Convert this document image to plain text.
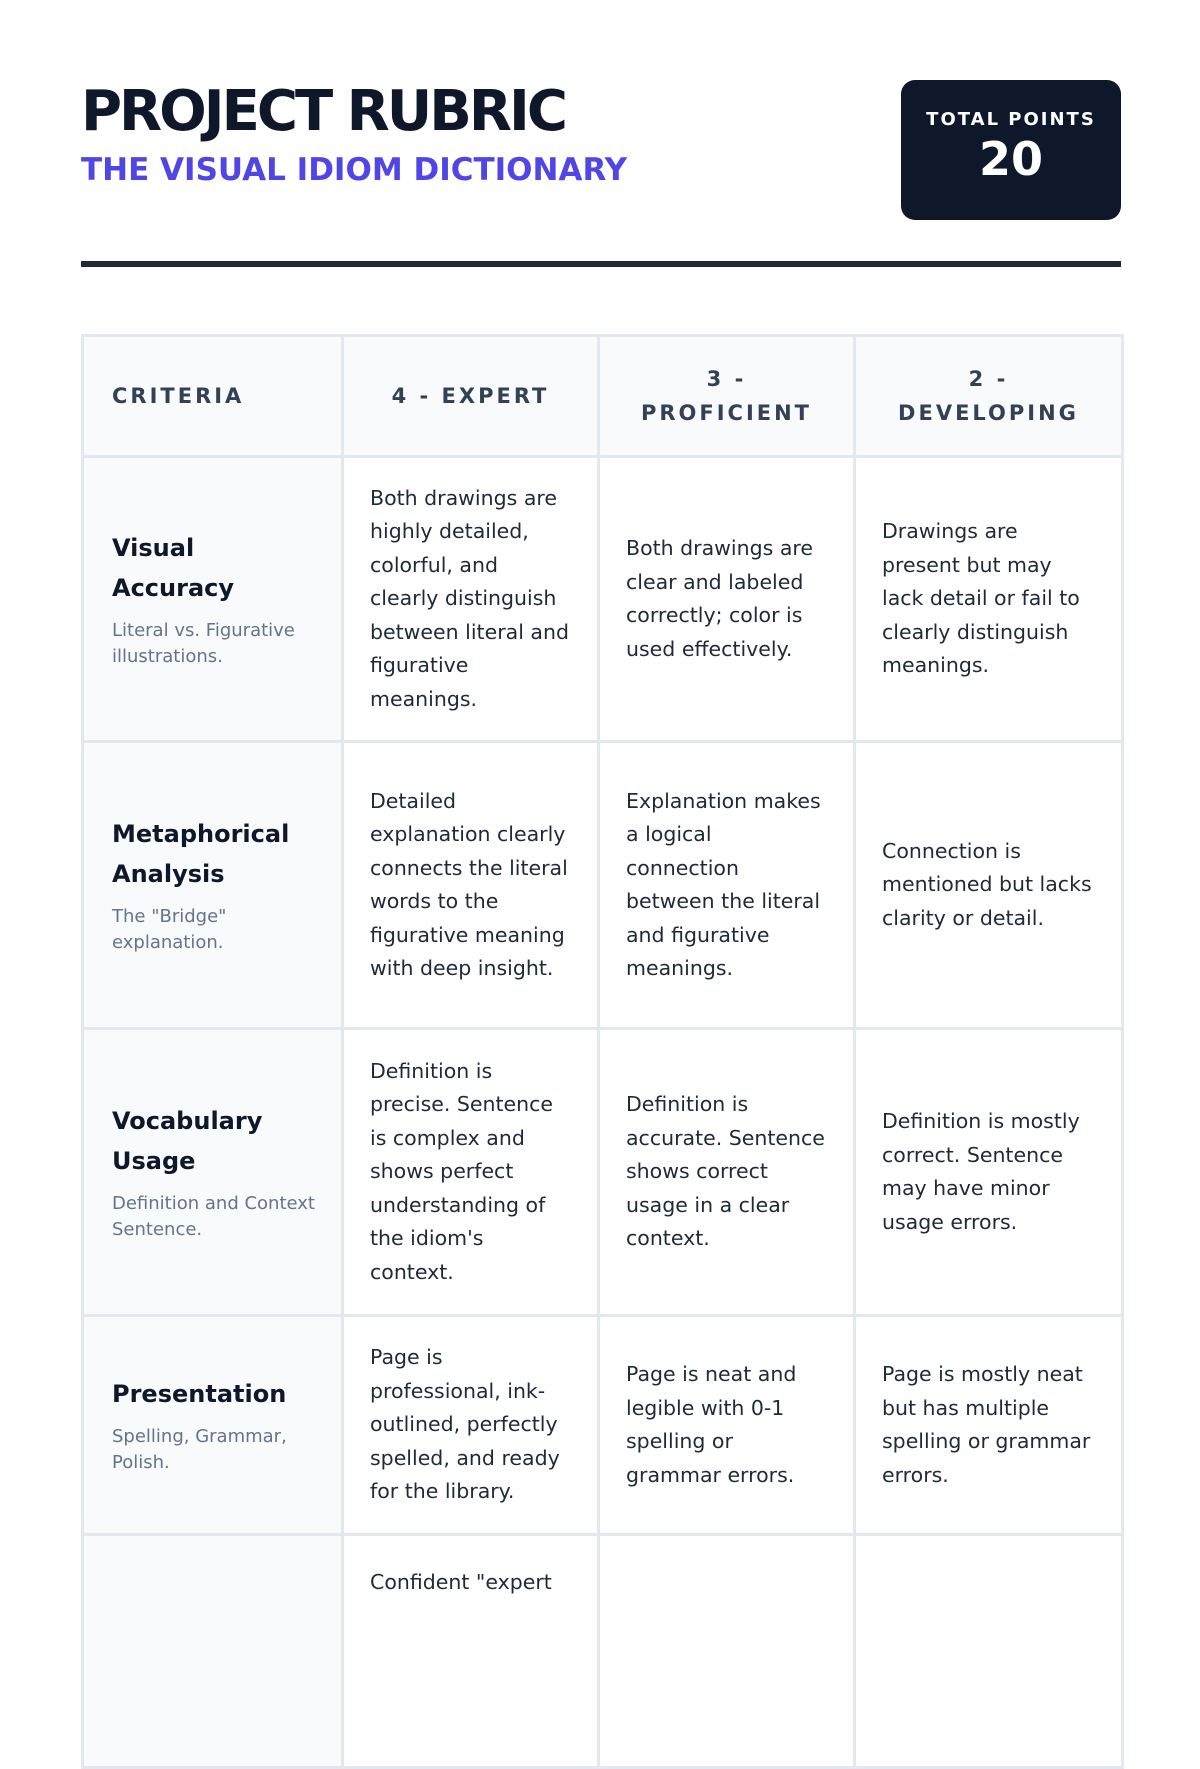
PROJECT RUBRIC
THE VISUAL IDIOM DICTIONARY
TOTAL POINTS
20
CRITERIA	4 - EXPERT	3 - PROFICIENT	2 - DEVELOPING

Visual Accuracy
Literal vs. Figurative illustrations.	Both drawings are highly detailed, colorful, and clearly distinguish between literal and figurative meanings.	Both drawings are clear and labeled correctly; color is used effectively.	Drawings are present but may lack detail or fail to clearly distinguish meanings.

Metaphorical Analysis
The "Bridge" explanation.	Detailed explanation clearly connects the literal words to the figurative meaning with deep insight.	Explanation makes a logical connection between the literal and figurative meanings.	Connection is mentioned but lacks clarity or detail.

Vocabulary Usage
Definition and Context Sentence.	Definition is precise. Sentence is complex and shows perfect understanding of the idiom's context.	Definition is accurate. Sentence shows correct usage in a clear context.	Definition is mostly correct. Sentence may have minor usage errors.

Presentation
Spelling, Grammar, Polish.	Page is professional, ink-outlined, perfectly spelled, and ready for the library.	Page is neat and legible with 0-1 spelling or grammar errors.	Page is mostly neat but has multiple spelling or grammar errors.

	Confident "expert		
